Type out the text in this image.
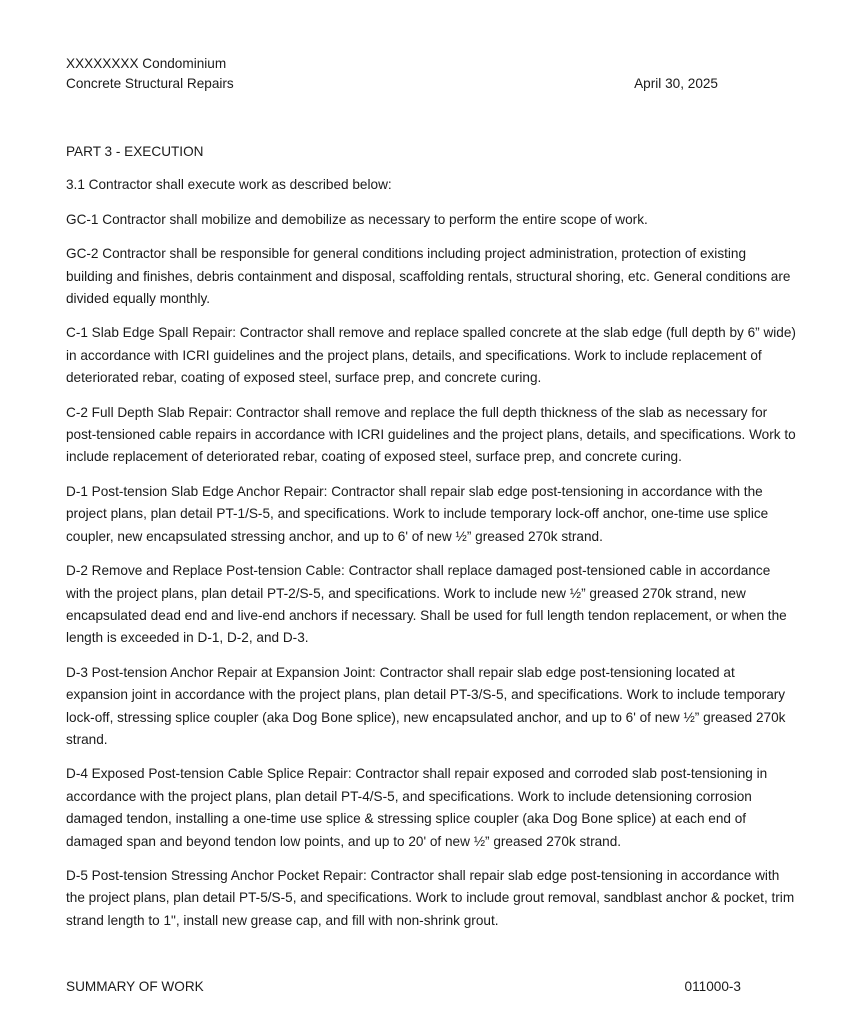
XXXXXXXX Condominium
Concrete Structural Repairs	April 30, 2025
PART 3 - EXECUTION
3.1 Contractor shall execute work as described below:
GC-1 Contractor shall mobilize and demobilize as necessary to perform the entire scope of work.
GC-2 Contractor shall be responsible for general conditions including project administration, protection of existing building and finishes, debris containment and disposal, scaffolding rentals, structural shoring, etc. General conditions are divided equally monthly.
C-1 Slab Edge Spall Repair: Contractor shall remove and replace spalled concrete at the slab edge (full depth by 6” wide) in accordance with ICRI guidelines and the project plans, details, and specifications. Work to include replacement of deteriorated rebar, coating of exposed steel, surface prep, and concrete curing.
C-2 Full Depth Slab Repair: Contractor shall remove and replace the full depth thickness of the slab as necessary for post-tensioned cable repairs in accordance with ICRI guidelines and the project plans, details, and specifications. Work to include replacement of deteriorated rebar, coating of exposed steel, surface prep, and concrete curing.
D-1 Post-tension Slab Edge Anchor Repair: Contractor shall repair slab edge post-tensioning in accordance with the project plans, plan detail PT-1/S-5, and specifications. Work to include temporary lock-off anchor, one-time use splice coupler, new encapsulated stressing anchor, and up to 6' of new ½” greased 270k strand.
D-2 Remove and Replace Post-tension Cable: Contractor shall replace damaged post-tensioned cable in accordance with the project plans, plan detail PT-2/S-5, and specifications. Work to include new ½” greased 270k strand, new encapsulated dead end and live-end anchors if necessary. Shall be used for full length tendon replacement, or when the length is exceeded in D-1, D-2, and D-3.
D-3 Post-tension Anchor Repair at Expansion Joint: Contractor shall repair slab edge post-tensioning located at expansion joint in accordance with the project plans, plan detail PT-3/S-5, and specifications. Work to include temporary lock-off, stressing splice coupler (aka Dog Bone splice), new encapsulated anchor, and up to 6' of new ½” greased 270k strand.
D-4 Exposed Post-tension Cable Splice Repair: Contractor shall repair exposed and corroded slab post-tensioning in accordance with the project plans, plan detail PT-4/S-5, and specifications. Work to include detensioning corrosion damaged tendon, installing a one-time use splice & stressing splice coupler (aka Dog Bone splice) at each end of damaged span and beyond tendon low points, and up to 20' of new ½” greased 270k strand.
D-5 Post-tension Stressing Anchor Pocket Repair: Contractor shall repair slab edge post-tensioning in accordance with the project plans, plan detail PT-5/S-5, and specifications. Work to include grout removal, sandblast anchor & pocket, trim strand length to 1", install new grease cap, and fill with non-shrink grout.
SUMMARY OF WORK	011000-3
